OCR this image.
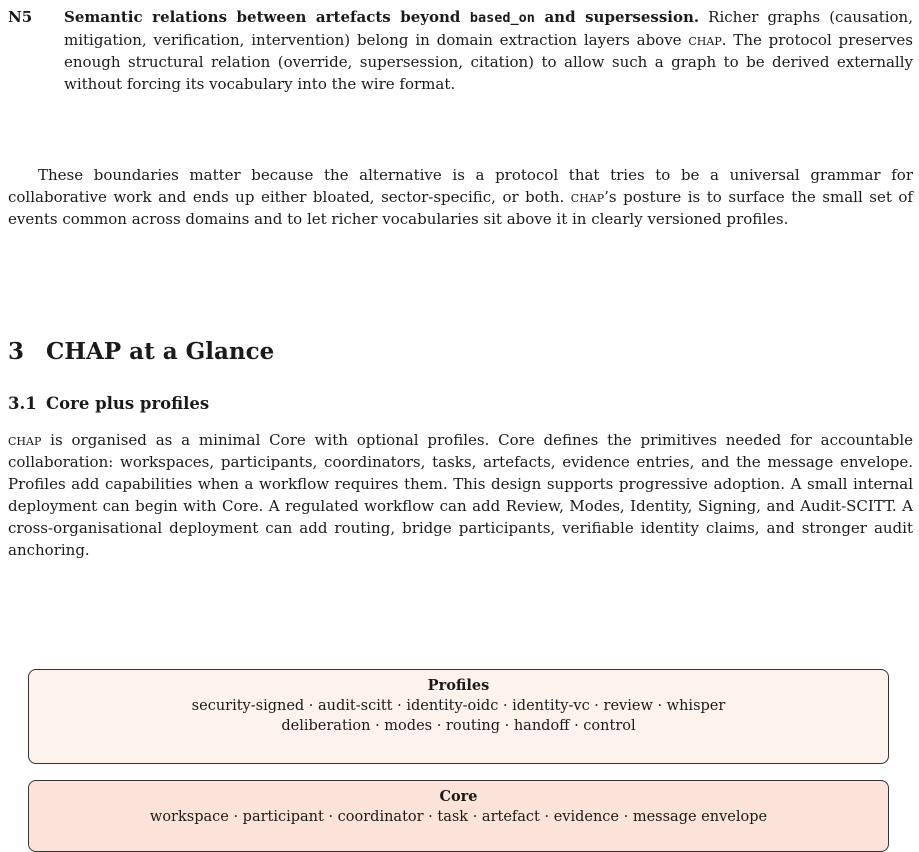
N5 Semantic relations between artefacts beyond based_on and supersession. Richer graphs (causation, mitigation, verification, intervention) belong in domain extraction layers above chap. The protocol preserves enough structural relation (override, supersession, citation) to allow such a graph to be derived externally without forcing its vocabulary into the wire format.

These boundaries matter because the alternative is a protocol that tries to be a universal grammar for collaborative work and ends up either bloated, sector-specific, or both. chap’s posture is to surface the small set of events common across domains and to let richer vocabularies sit above it in clearly versioned profiles.

3 CHAP at a Glance
3.1 Core plus profiles

chap is organised as a minimal Core with optional profiles. Core defines the primitives needed for accountable collaboration: workspaces, participants, coordinators, tasks, artefacts, evidence entries, and the message envelope. Profiles add capabilities when a workflow requires them. This design supports progressive adoption. A small internal deployment can begin with Core. A regulated workflow can add Review, Modes, Identity, Signing, and Audit-SCITT. A cross-organisational deployment can add routing, bridge participants, verifiable identity claims, and stronger audit anchoring.

Profiles
security-signed · audit-scitt · identity-oidc · identity-vc · review · whisper
deliberation · modes · routing · handoff · control
Core
workspace · participant · coordinator · task · artefact · evidence · message envelope
